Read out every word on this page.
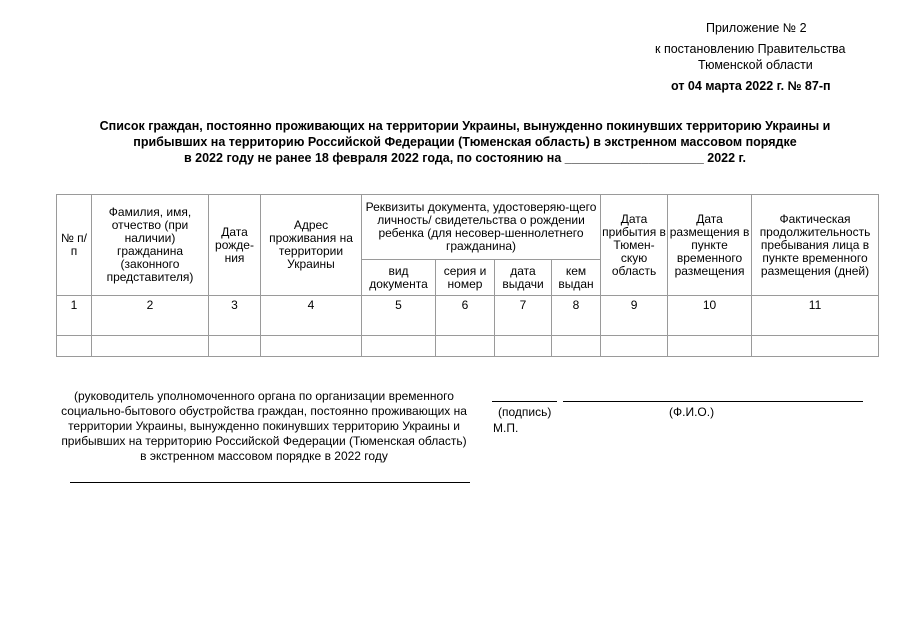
Приложение № 2
к постановлению Правительства
Тюменской области
от 04 марта 2022 г. № 87-п
Список граждан, постоянно проживающих на территории Украины, вынужденно покинувших территорию Украины и
прибывших на территорию Российской Федерации (Тюменская область) в экстренном массовом порядке
в 2022 году не ранее 18 февраля 2022 года, по состоянию на ____________________ 2022 г.
№ п/п	Фамилия, имя, отчество (при наличии) гражданина (законного представителя)	Дата рожде-ния	Адрес проживания на территории Украины	Реквизиты документа, удостоверяю-щего личность/ свидетельства о рождении ребенка (для несовер-шеннолетнего гражданина)				Дата прибытия в Тюмен-скую область	Дата размещения в пункте временного размещения	Фактическая продолжительность пребывания лица в пункте временного размещения (дней)
				вид документа	серия и номер	дата выдачи	кем выдан			
1	2	3	4	5	6	7	8	9	10	11

(руководитель уполномоченного органа по организации временного социально-бытового обустройства граждан, постоянно проживающих на территории Украины, вынужденно покинувших территорию Украины и прибывших на территорию Российской Федерации (Тюменская область) в экстренном массовом порядке в 2022 году
(подпись)
М.П.
(Ф.И.О.)
